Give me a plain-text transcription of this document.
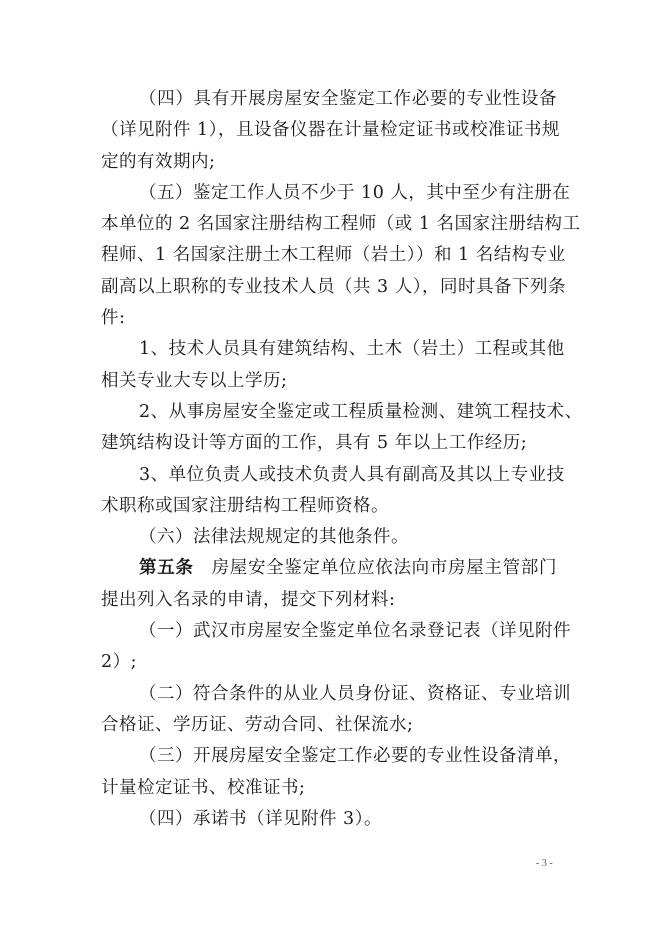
（四）具有开展房屋安全鉴定工作必要的专业性设备
（详见附件 1），且设备仪器在计量检定证书或校准证书规
定的有效期内;
（五）鉴定工作人员不少于 10 人，其中至少有注册在
本单位的 2 名国家注册结构工程师（或 1 名国家注册结构工
程师、1 名国家注册土木工程师（岩土））和 1 名结构专业
副高以上职称的专业技术人员（共 3 人），同时具备下列条
件:
1、技术人员具有建筑结构、土木（岩土）工程或其他
相关专业大专以上学历;
2、从事房屋安全鉴定或工程质量检测、建筑工程技术、
建筑结构设计等方面的工作，具有 5 年以上工作经历;
3、单位负责人或技术负责人具有副高及其以上专业技
术职称或国家注册结构工程师资格。
（六）法律法规规定的其他条件。
第五条 房屋安全鉴定单位应依法向市房屋主管部门
提出列入名录的申请，提交下列材料:
（一）武汉市房屋安全鉴定单位名录登记表（详见附件
2）;
（二）符合条件的从业人员身份证、资格证、专业培训
合格证、学历证、劳动合同、社保流水;
（三）开展房屋安全鉴定工作必要的专业性设备清单，
计量检定证书、校准证书;
（四）承诺书（详见附件 3）。
- 3 -
